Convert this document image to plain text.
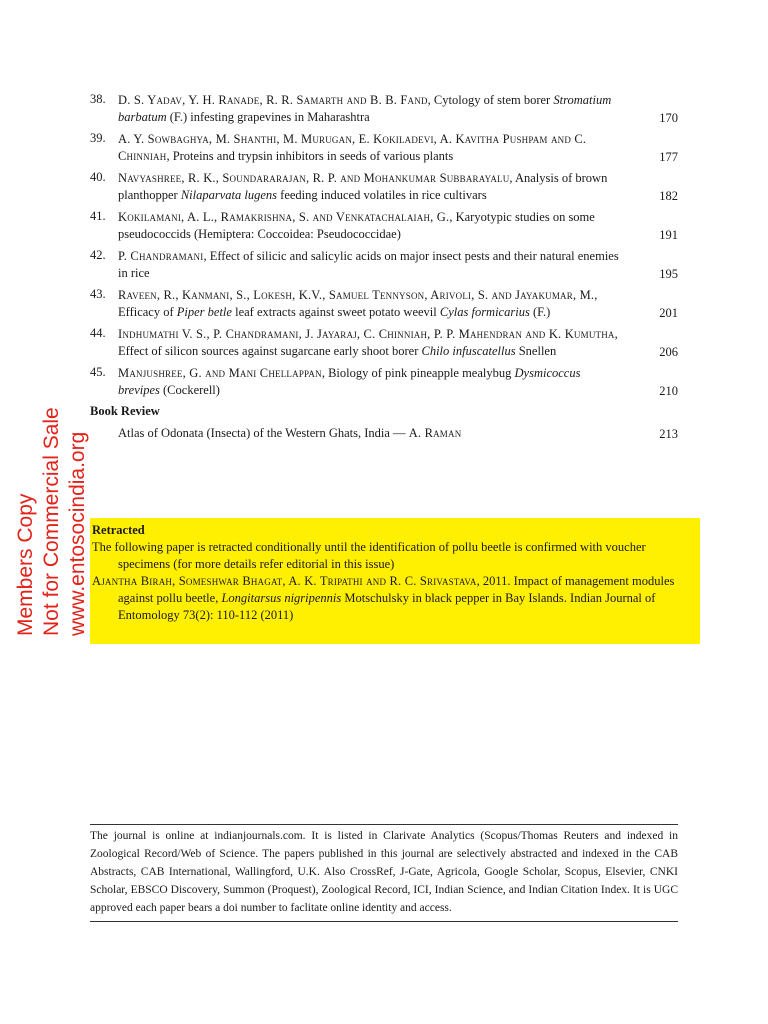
Members Copy Not for Commercial Sale www.entosocindia.org
38. D. S. Yadav, Y. H. Ranade, R. R. Samarth and B. B. Fand, Cytology of stem borer Stromatium barbatum (F.) infesting grapevines in Maharashtra	170
39. A. Y. Sowbaghya, M. Shanthi, M. Murugan, E. Kokiladevi, A. Kavitha Pushpam and C. Chinniah, Proteins and trypsin inhibitors in seeds of various plants	177
40. Navyashree, R. K., Soundararajan, R. P. and Mohankumar Subbarayalu, Analysis of brown planthopper Nilaparvata lugens feeding induced volatiles in rice cultivars	182
41. Kokilamani, A. L., Ramakrishna, S. and Venkatachalaiah, G., Karyotypic studies on some pseudococcids (Hemiptera: Coccoidea: Pseudococcidae)	191
42. P. Chandramani, Effect of silicic and salicylic acids on major insect pests and their natural enemies in rice	195
43. Raveen, R., Kanmani, S., Lokesh, K.V., Samuel Tennyson, Arivoli, S. and Jayakumar, M., Efficacy of Piper betle leaf extracts against sweet potato weevil Cylas formicarius (F.)	201
44. Indhumathi V. S., P. Chandramani, J. Jayaraj, C. Chinniah, P. P. Mahendran and K. Kumutha, Effect of silicon sources against sugarcane early shoot borer Chilo infuscatellus Snellen	206
45. Manjushree, G. and Mani Chellappan, Biology of pink pineapple mealybug Dysmicoccus brevipes (Cockerell)	210
Book Review
Atlas of Odonata (Insecta) of the Western Ghats, India — A. Raman	213
Retracted
The following paper is retracted conditionally until the identification of pollu beetle is confirmed with voucher specimens (for more details refer editorial in this issue)
Ajantha Birah, Someshwar Bhagat, A. K. Tripathi and R. C. Srivastava, 2011. Impact of management modules against pollu beetle, Longitarsus nigripennis Motschulsky in black pepper in Bay Islands. Indian Journal of Entomology 73(2): 110-112 (2011)

The journal is online at indianjournals.com. It is listed in Clarivate Analytics (Scopus/Thomas Reuters and indexed in Zoological Record/Web of Science. The papers published in this journal are selectively abstracted and indexed in the CAB Abstracts, CAB International, Wallingford, U.K. Also CrossRef, J-Gate, Agricola, Google Scholar, Scopus, Elsevier, CNKI Scholar, EBSCO Discovery, Summon (Proquest), Zoological Record, ICI, Indian Science, and Indian Citation Index. It is UGC approved each paper bears a doi number to faclitate online identity and access.
